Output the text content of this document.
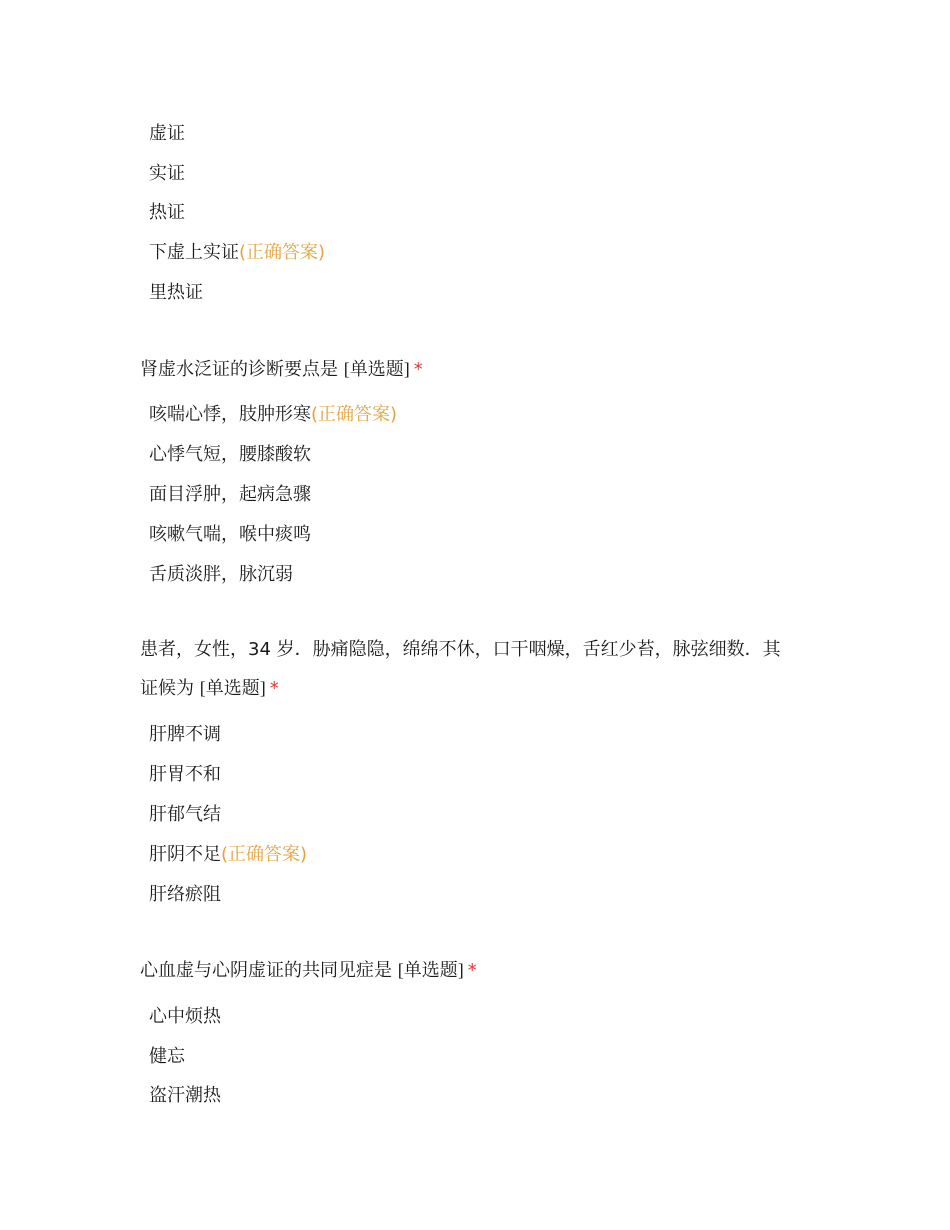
虚证
实证
热证
下虚上实证(正确答案)
里热证
肾虚水泛证的诊断要点是 [单选题] *
咳喘心悸，肢肿形寒(正确答案)
心悸气短，腰膝酸软
面目浮肿，起病急骤
咳嗽气喘，喉中痰鸣
舌质淡胖，脉沉弱
患者，女性，34 岁．胁痛隐隐，绵绵不休，口干咽燥，舌红少苔，脉弦细数．其
证候为 [单选题] *
肝脾不调
肝胃不和
肝郁气结
肝阴不足(正确答案)
肝络瘀阻
心血虚与心阴虚证的共同见症是 [单选题] *
心中烦热
健忘
盗汗潮热
